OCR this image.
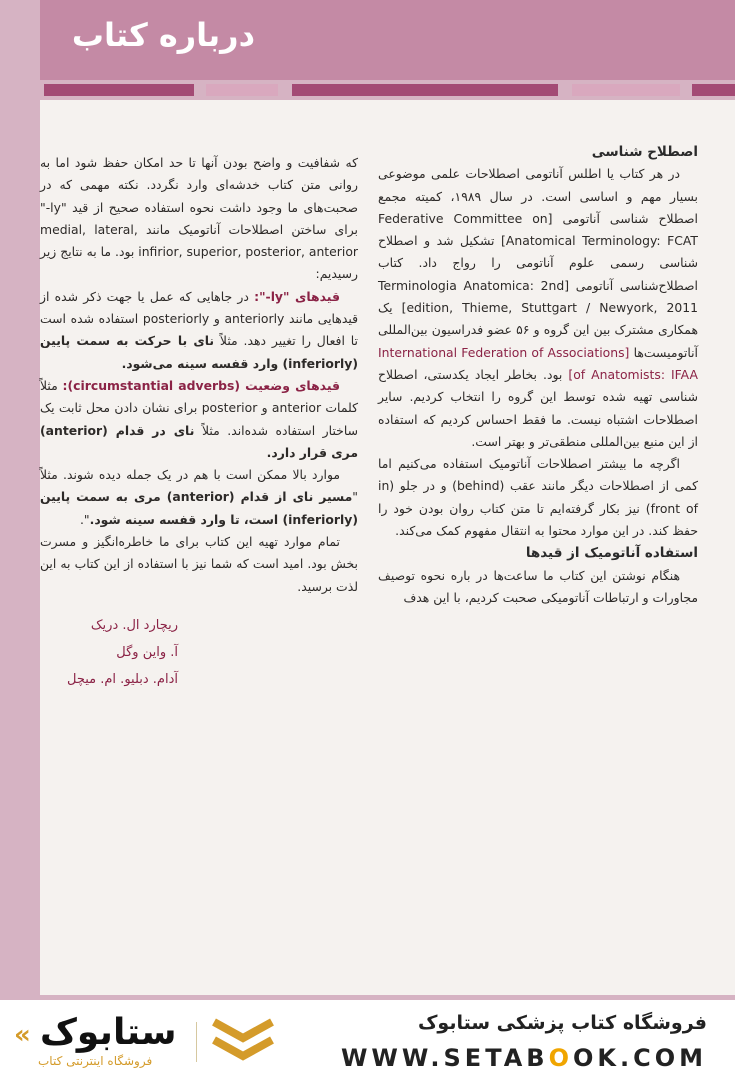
درباره کتاب

اصطلاح شناسی

در هر کتاب یا اطلس آناتومی اصطلاحات علمی موضوعی بسیار مهم و اساسی است. در سال ۱۹۸۹، کمیته مجمع اصطلاح شناسی آناتومی [Federative Committee on Anatomical Terminology: FCAT] تشکیل شد و اصطلاح شناسی رسمی علوم آناتومی را رواج داد. کتاب اصطلاح‌شناسی آناتومی [Terminologia Anatomica: 2nd edition, Thieme, Stuttgart / Newyork, 2011] یک همکاری مشترک بین این گروه و ۵۶ عضو فدراسیون بین‌المللی آناتومیست‌ها [International Federation of Associations of Anatomists: IFAA] بود. بخاطر ایجاد یکدستی، اصطلاح شناسی تهیه شده توسط این گروه را انتخاب کردیم. سایر اصطلاحات اشتباه نیست. ما فقط احساس کردیم که استفاده از این منبع بین‌المللی منطقی‌تر و بهتر است.

اگرچه ما بیشتر اصطلاحات آناتومیک استفاده می‌کنیم اما کمی از اصطلاحات دیگر مانند عقب (behind) و در جلو (in front of) نیز بکار گرفته‌ایم تا متن کتاب روان بودن خود را حفظ کند. در این موارد محتوا به انتقال مفهوم کمک می‌کند.

استفاده آناتومیک از قیدها

هنگام نوشتن این کتاب ما ساعت‌ها در باره نحوه توصیف مجاورات و ارتباطات آناتومیکی صحبت کردیم، با این هدف

که شفافیت و واضح بودن آنها تا حد امکان حفظ شود اما به روانی متن کتاب خدشه‌ای وارد نگردد. نکته مهمی که در صحبت‌های ما وجود داشت نحوه استفاده صحیح از قید "ly-" برای ساختن اصطلاحات آناتومیک مانند medial, lateral, infirior, superior, posterior, anterior بود. ما به نتایج زیر رسیدیم:

قیدهای "ly-": در جاهایی که عمل یا جهت ذکر شده از قیدهایی مانند anteriorly و posteriorly استفاده شده است تا افعال را تغییر دهد. مثلاً نای با حرکت به سمت پایین (inferiorly) وارد قفسه سینه می‌شود.

قیدهای وضعیت (circumstantial adverbs): مثلاً کلمات anterior و posterior برای نشان دادن محل ثابت یک ساختار استفاده شده‌اند. مثلاً نای در قدام (anterior) مری قرار دارد.

موارد بالا ممکن است با هم در یک جمله دیده شوند. مثلاً "مسیر نای از قدام (anterior) مری به سمت پایین (inferiorly) است، تا وارد قفسه سینه شود.".

تمام موارد تهیه این کتاب برای ما خاطره‌انگیز و مسرت بخش بود. امید است که شما نیز با استفاده از این کتاب به این لذت برسید.

ریچارد ال. دریک
آ. واین وگل
آدام. دبلیو. ام. میچل
فروشگاه کتاب پزشکی ستابوک
WWW.SETABOOK.COM
« ستابوک
فروشگاه اینترنتی کتاب
